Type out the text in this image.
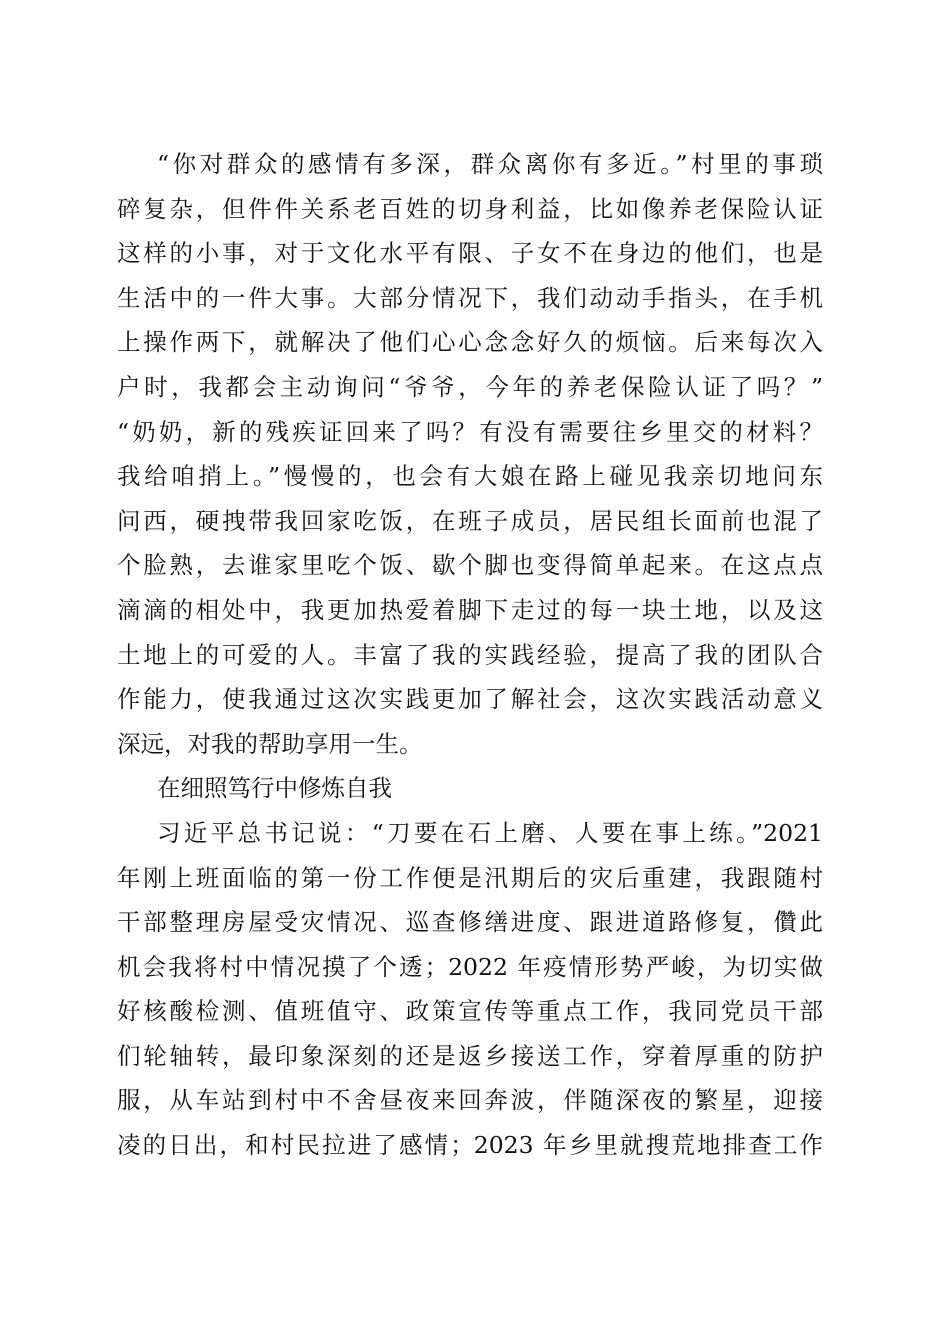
“你对群众的感情有多深，群众离你有多近。”村里的事琐
碎复杂，但件件关系老百姓的切身利益，比如像养老保险认证
这样的小事，对于文化水平有限、子女不在身边的他们，也是
生活中的一件大事。大部分情况下，我们动动手指头，在手机
上操作两下，就解决了他们心心念念好久的烦恼。后来每次入
户时，我都会主动询问“爷爷，今年的养老保险认证了吗？”
“奶奶，新的残疾证回来了吗？有没有需要往乡里交的材料？
我给咱捎上。”慢慢的，也会有大娘在路上碰见我亲切地问东
问西，硬拽带我回家吃饭，在班子成员，居民组长面前也混了
个脸熟，去谁家里吃个饭、歇个脚也变得简单起来。在这点点
滴滴的相处中，我更加热爱着脚下走过的每一块土地，以及这
土地上的可爱的人。丰富了我的实践经验，提高了我的团队合
作能力，使我通过这次实践更加了解社会，这次实践活动意义
深远，对我的帮助享用一生。
在细照笃行中修炼自我
习近平总书记说：“刀要在石上磨、人要在事上练。”2021
年刚上班面临的第一份工作便是汛期后的灾后重建，我跟随村
干部整理房屋受灾情况、巡查修缮进度、跟进道路修复，儹此
机会我将村中情况摸了个透；2022 年疫情形势严峻，为切实做
好核酸检测、值班值守、政策宣传等重点工作，我同党员干部
们轮轴转，最印象深刻的还是返乡接送工作，穿着厚重的防护
服，从车站到村中不舍昼夜来回奔波，伴随深夜的繁星，迎接
凌的日出，和村民拉进了感情；2023 年乡里就搜荒地排查工作
